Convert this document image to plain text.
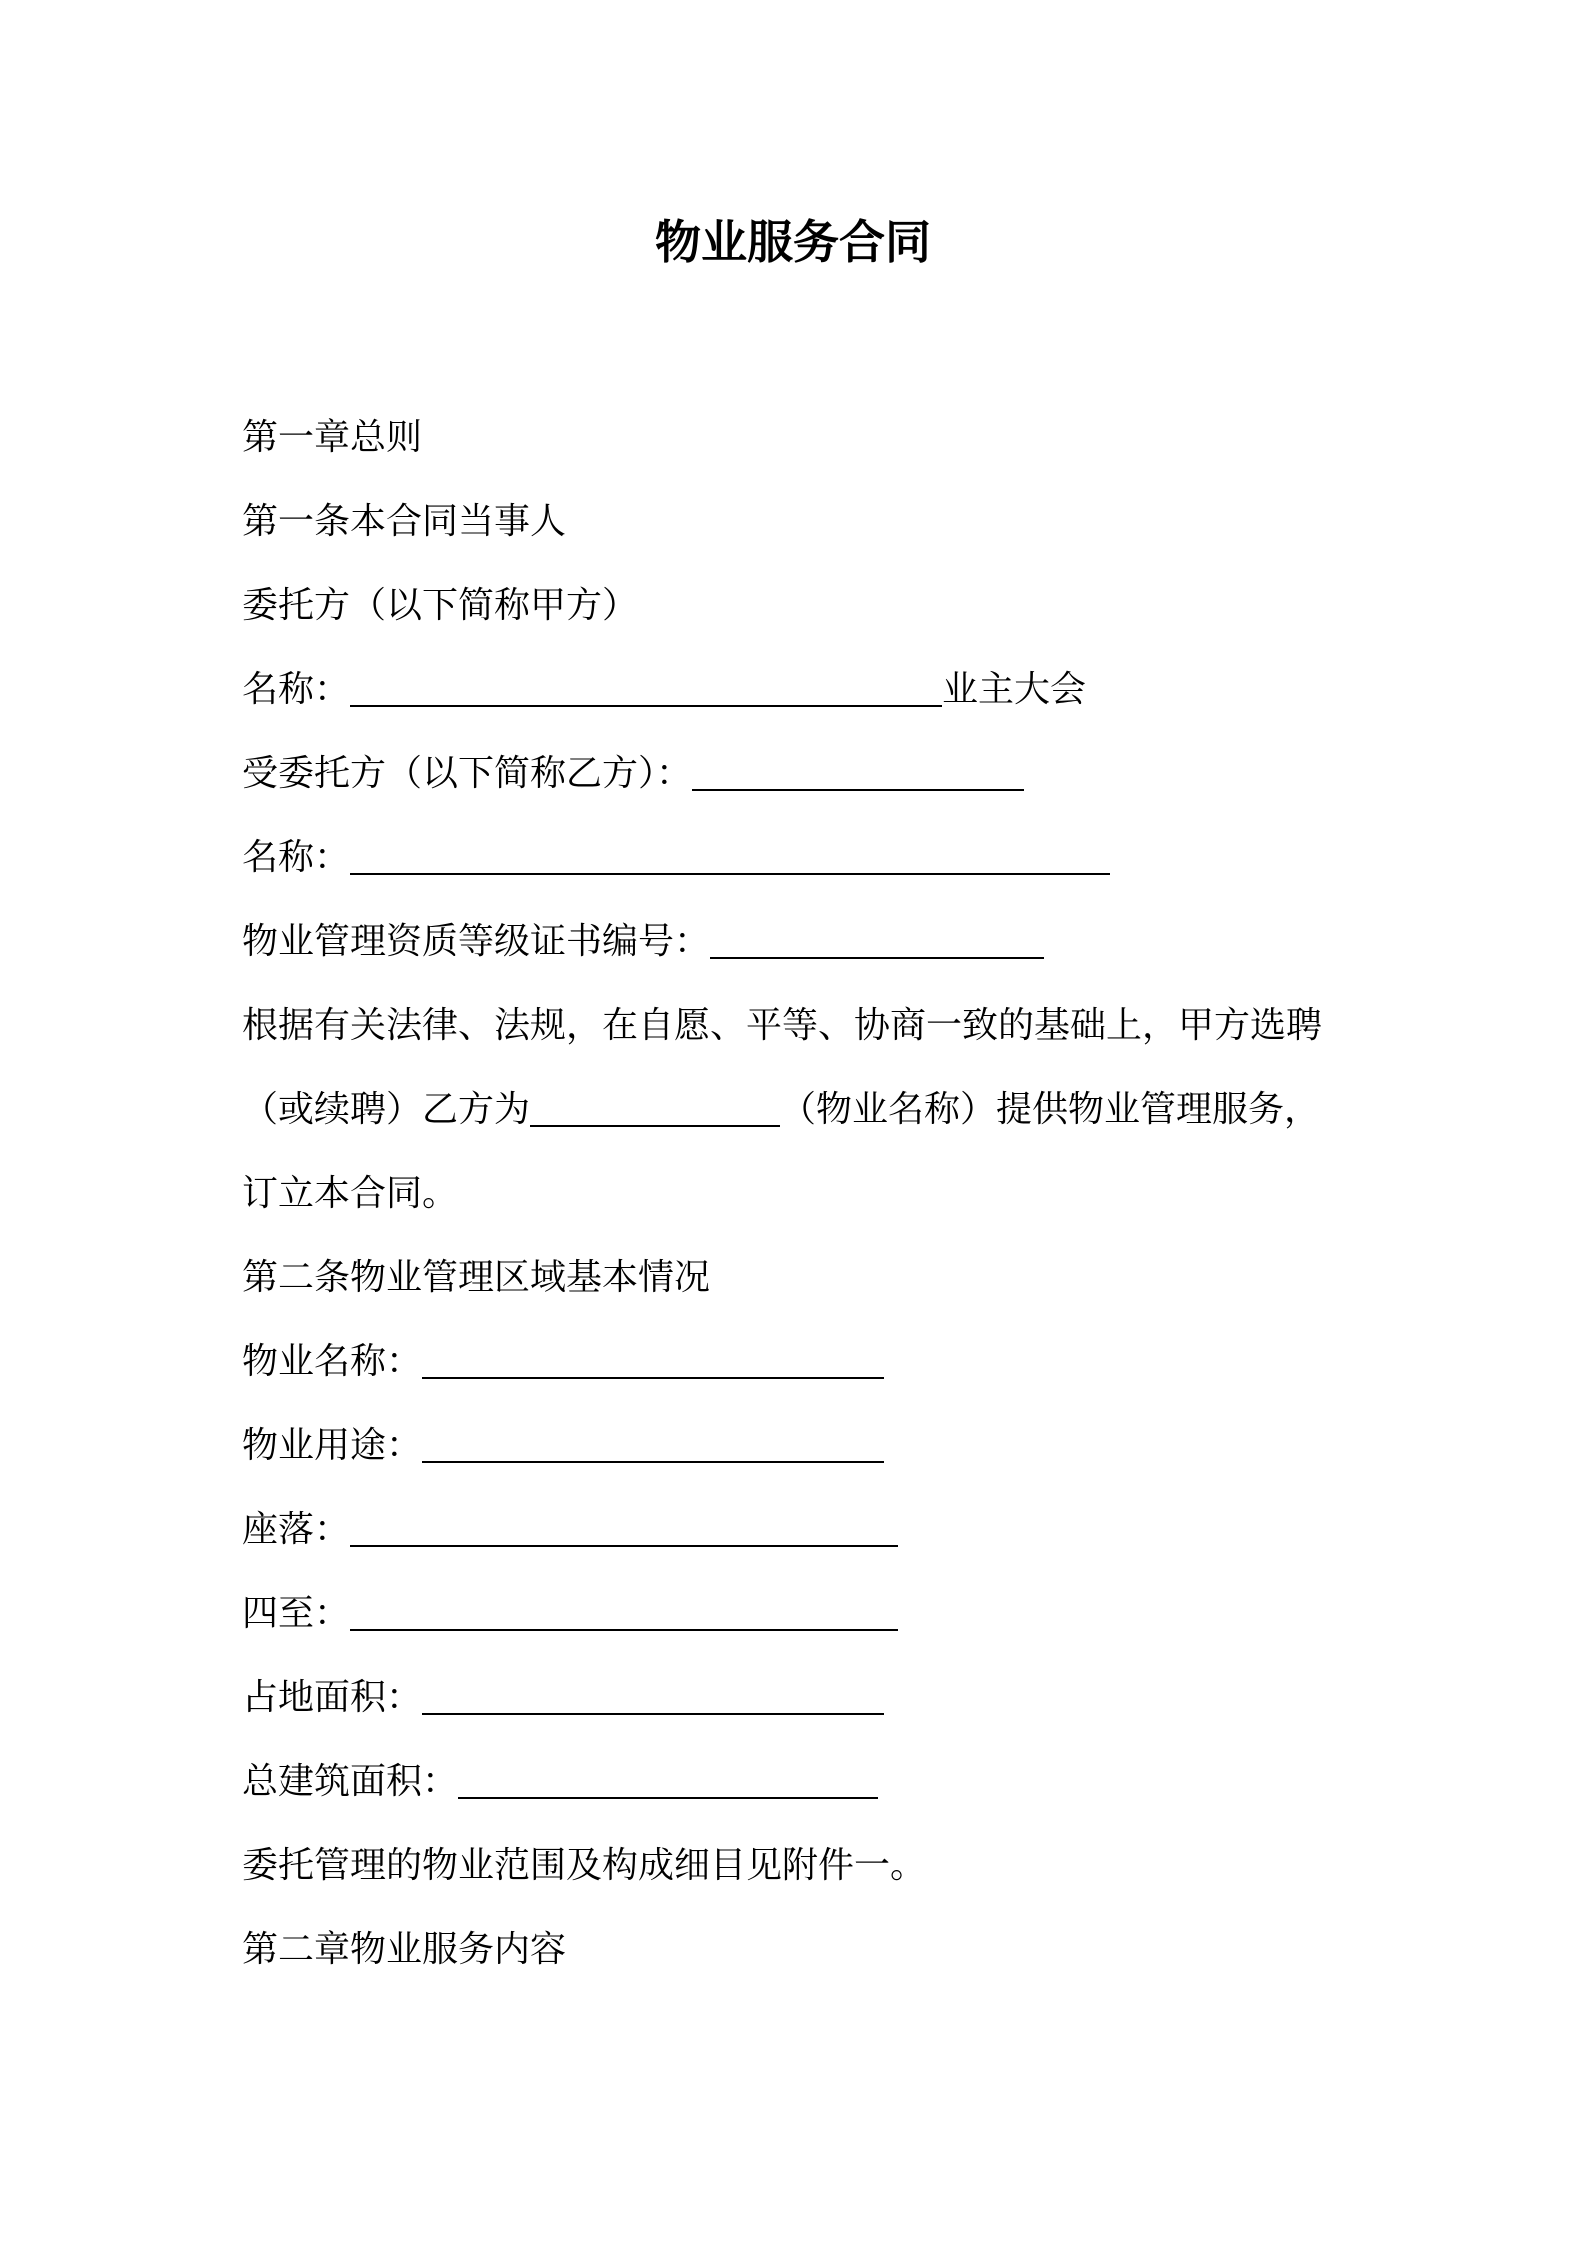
物业服务合同
第一章总则
第一条本合同当事人
委托方（以下简称甲方）
名称：	业主大会
受委托方（以下简称乙方）：
名称：
物业管理资质等级证书编号：
根据有关法律、法规，在自愿、平等、协商一致的基础上，甲方选聘
（或续聘）乙方为	（物业名称）提供物业管理服务，
订立本合同。
第二条物业管理区域基本情况
物业名称：
物业用途：
座落：
四至：
占地面积：
总建筑面积：
委托管理的物业范围及构成细目见附件一。
第二章物业服务内容
